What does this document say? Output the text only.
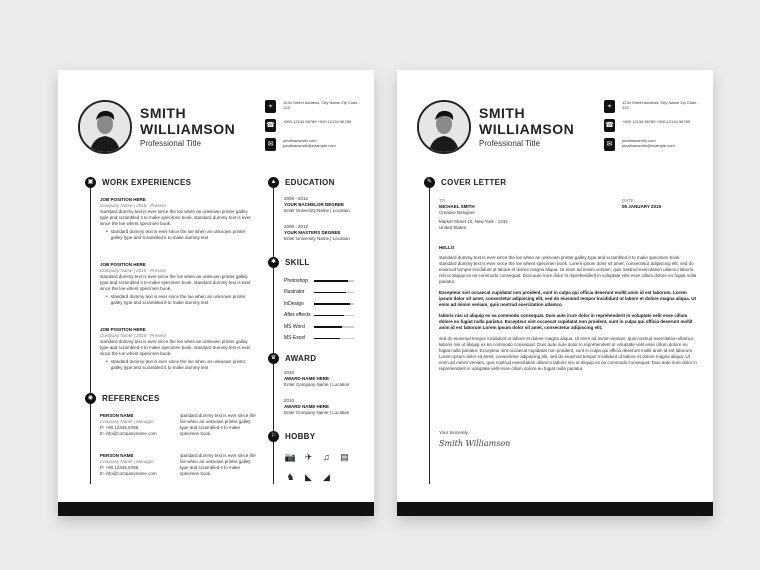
SMITH
WILLIAMSON
Professional Title
⌖
1234 Street Address, City Name Zip Code - 123
☎
+000 12134 56789 +000 12134 56789
✉
jonathansmith.com jonathansmith@example.com
▣	WORK EXPERIENCES
JOB POSITION HERE
Company Name | 2015 - Present
standard dummy text is ever since the loe when an unknown printer galley type and scrambled it to make specimen book. standard dummy text is ever since the loe whent specimen book.
• standard dummy text is ever since the loe when an unknown printer galley type and scrambled it to make dummy text
JOB POSITION HERE
Company Name | 2015 - Present
standard dummy text is ever since the loe when an unknown printer galley type and scrambled it to make specimen book. standard dummy text is ever since the loe whent specimen book.
• standard dummy text is ever since the loe when an unknown printer galley type and scrambled it to make dummy text
JOB POSITION HERE
Company Name | 2015 - Present
standard dummy text is ever since the loe when an unknown printer galley type and scrambled it to make specimen book. standard dummy text is ever since the loe whent specimen book.
• standard dummy text is ever since the loe when an unknown printer galley type and scrambled it to make dummy text
◉	REFERENCES
PERSON NAME
Company Name | Manager
P: +00 12345 6789
E: info@companyname.com
standard dummy text is ever since the loe when an unknown printer galley type and scrambled it to make specimen book.
PERSON NAME
Company Name | Manager
P: +00 12345 6789
E: info@companyname.com
standard dummy text is ever since the loe when an unknown printer galley type and scrambled it to make specimen book.
▲	EDUCATION
2008 - 2012
YOUR BACHELOR DEGREE
Enter University Name | Location
2008 - 2012
YOUR MASTERS DEGREE
Enter University Name | Location
✱	SKILL
Photoshop
Illustrator
InDesign
After effects
MS Word
MS Excel
♛	AWARD
2010
AWARD NAME HERE
Enter Company Name | Location
2010
AWARD NAME HERE
Enter Company Name | Location
⚐	HOBBY
📷 ✈	♫	▤
♞	◣	◢
SMITH
WILLIAMSON
Professional Title
⌖
1234 Street Address, City Name Zip Code - 123
☎
+000 12134 56789 +000 12134 56789
✉
jonathansmith.com jonathansmith@example.com
✎	COVER LETTER
TO
MICHAEL SMITH
Creative Designer
Market Street 10, New York - 1234
United States
DATE
05 JANUARY 2019
HELLO
standard dummy text is ever since the loe when an unknown printer galley type and scrambled it to make specimen book. standard dummy text is ever since the loe whent specimen book. Lorem ipsum dolor sit amet, consectetur adipiscing elit, sed do eiusmod tempor incididunt ut labore et dolore magna aliqua. Ut enim ad minim veniam, quis nostrud exercitation ullamco laboris nisi ut aliquip ex ea commodo consequat. Duis aute irure dolor in reprehenderit in voluptate velit esse cillum dolore eu fugiat nulla pariatur.
Excepteur sint occaecat cupidatat non proident, sunt in culpa qui officia deserunt mollit anim id est laborum. Lorem ipsum dolor sit amet, consectetur adipiscing elit, sed do eiusmod tempor incididunt ut labore et dolore magna aliqua. Ut enim ad minim veniam, quis nostrud exercitation ullamco
laboris nisi ut aliquip ex ea commodo consequat. Duis aute irure dolor in reprehenderit in voluptate velit esse cillum dolore eu fugiat nulla pariatur. Excepteur sint occaecat cupidatat non proident, sunt in culpa qui officia deserunt mollit anim id est laborum Lorem ipsum dolor sit amet, consectetur adipiscing elit,
sed do eiusmod tempor incididunt ut labore et dolore magna aliqua. Ut enim ad minim veniam, quis nostrud exercitation ullamco laboris nisi ut aliquip ex ea commodo consequat. Duis aute irure dolor in reprehenderit in voluptate velit esse cillum dolore eu fugiat nulla pariatur. Excepteur sint occaecat cupidatat non proident, sunt in culpa qui officia deserunt mollit anim id est laborum. Lorem ipsum dolor sit amet, consectetur adipiscing elit, sed do eiusmod tempor incididunt ut labore et dolore magna aliqua. Ut enim ad minim veniam, quis nostrud exercitation ullamco laboris nisi ut aliquip ex ea commodo consequat. Duis aute irure dolor in reprehenderit in voluptate velit esse cillum dolore eu fugiat nulla pariatur.
Your Sincerely
Smith Williamson
